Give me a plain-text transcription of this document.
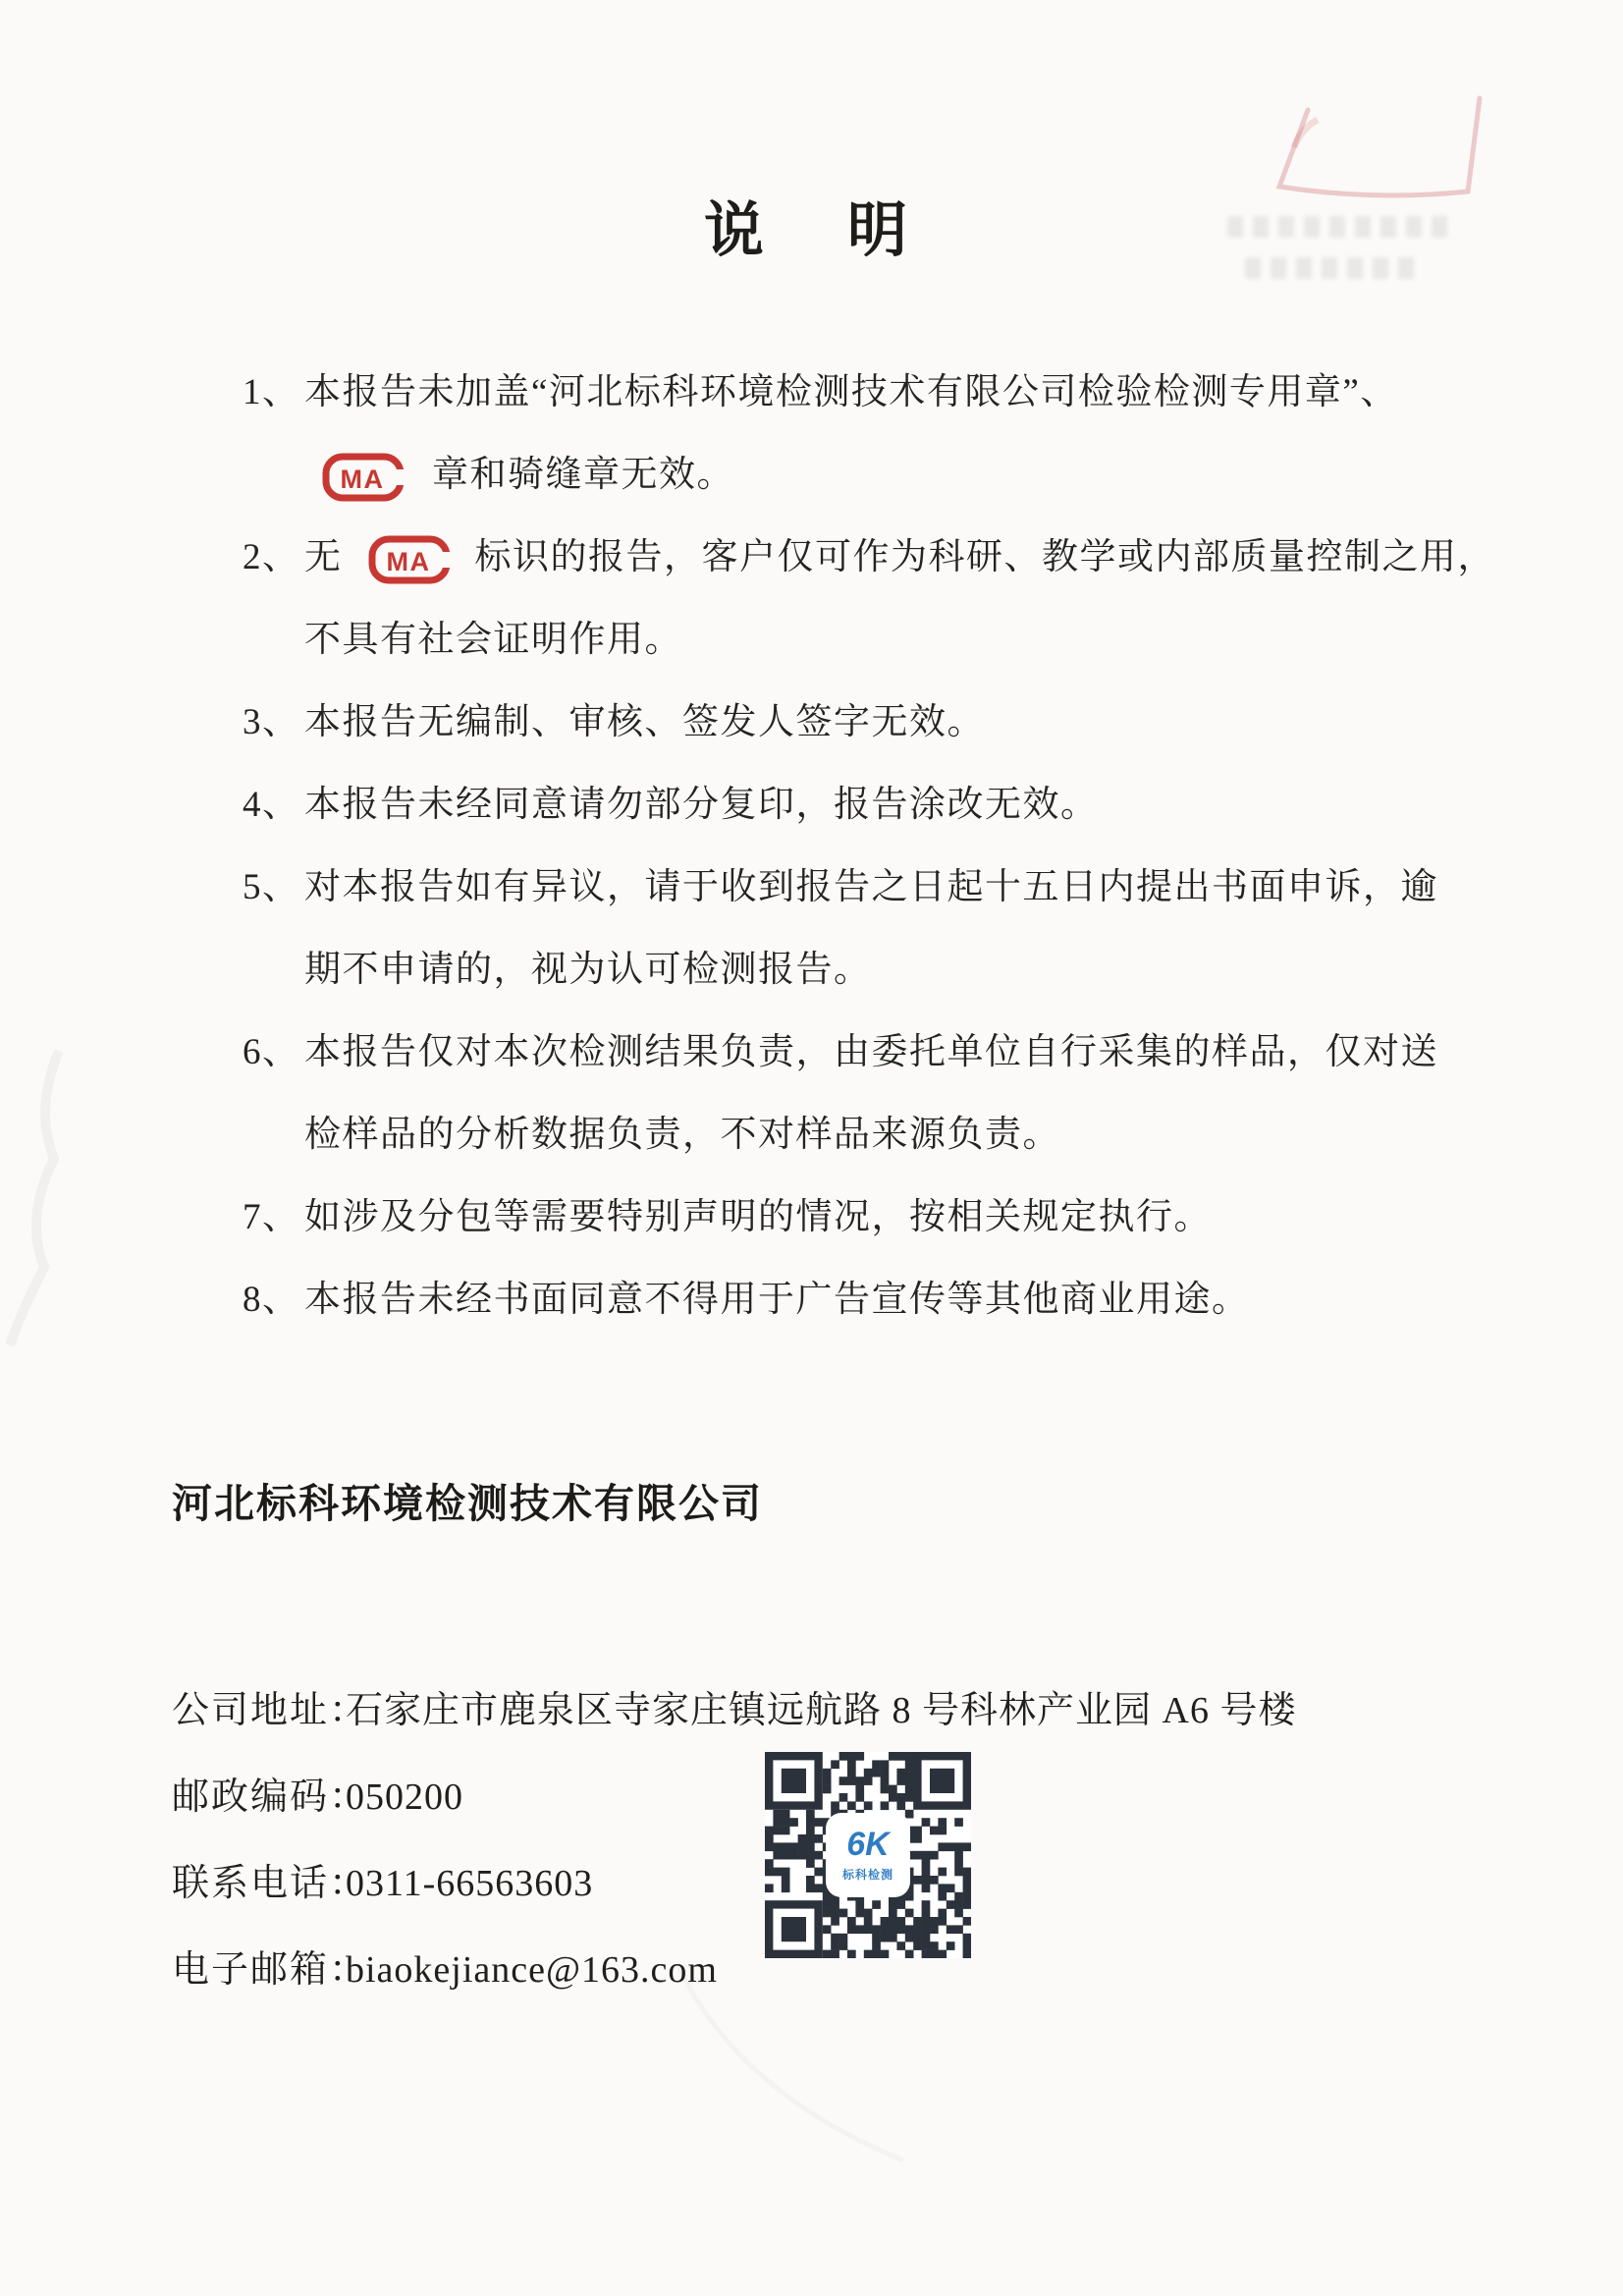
说　明
1、 本报告未加盖“河北标科环境检测技术有限公司检验检测专用章”、
MA 章和骑缝章无效。
2、 无 MA 标识的报告，客户仅可作为科研、教学或内部质量控制之用，
不具有社会证明作用。
3、 本报告无编制、审核、签发人签字无效。
4、 本报告未经同意请勿部分复印，报告涂改无效。
5、 对本报告如有异议，请于收到报告之日起十五日内提出书面申诉，逾
期不申请的，视为认可检测报告。
6、 本报告仅对本次检测结果负责，由委托单位自行采集的样品，仅对送
检样品的分析数据负责，不对样品来源负责。
7、 如涉及分包等需要特别声明的情况，按相关规定执行。
8、 本报告未经书面同意不得用于广告宣传等其他商业用途。
河北标科环境检测技术有限公司
公司地址：石家庄市鹿泉区寺家庄镇远航路 8 号科林产业园 A6 号楼
邮政编码：050200
联系电话：0311-66563603
电子邮箱：biaokejiance@163.com
6K
标科检测
